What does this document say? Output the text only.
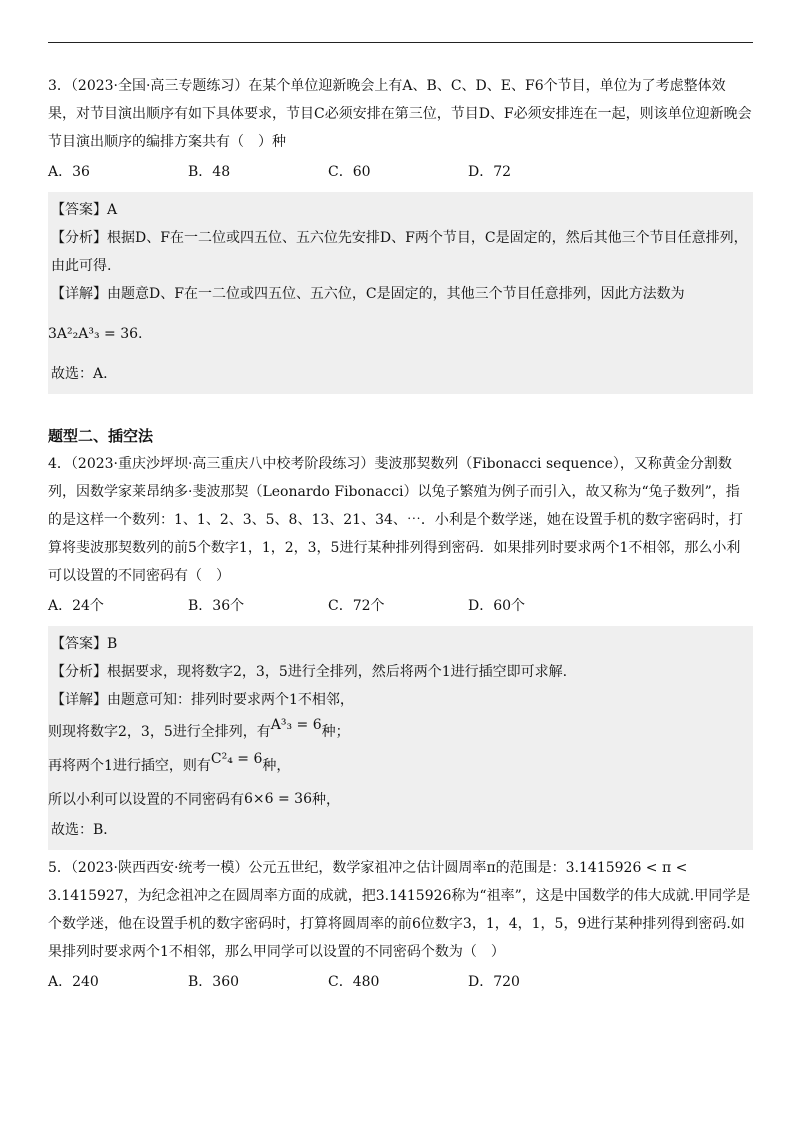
3．（2023·全国·高三专题练习）在某个单位迎新晚会上有A、B、C、D、E、F6个节目，单位为了考虑整体效果，对节目演出顺序有如下具体要求，节目C必须安排在第三位，节目D、F必须安排连在一起，则该单位迎新晚会节目演出顺序的编排方案共有（　）种

A．36	B．48	C．60	D．72

【答案】A

【分析】根据D、F在一二位或四五位、五六位先安排D、F两个节目，C是固定的，然后其他三个节目任意排列，由此可得.

【详解】由题意D、F在一二位或四五位、五六位，C是固定的，其他三个节目任意排列，因此方法数为

3A²₂A³₃ = 36 .

故选：A.

题型二、插空法

4．（2023·重庆沙坪坝·高三重庆八中校考阶段练习）斐波那契数列（Fibonacci sequence），又称黄金分割数列，因数学家莱昂纳多·斐波那契（Leonardo Fibonacci）以兔子繁殖为例子而引入，故又称为“兔子数列”，指的是这样一个数列：1、1、2、3、5、8、13、21、34、⋯．小利是个数学迷，她在设置手机的数字密码时，打算将斐波那契数列的前5个数字1，1，2，3，5进行某种排列得到密码．如果排列时要求两个1不相邻，那么小利可以设置的不同密码有（　）

A．24个	B．36个	C．72个	D．60个

【答案】B

【分析】根据要求，现将数字2，3，5进行全排列，然后将两个1进行插空即可求解.

【详解】由题意可知：排列时要求两个1不相邻，

则现将数字2，3，5进行全排列，有 A³₃ = 6 种；
再将两个1进行插空，则有 C²₄ = 6 种，
所以小利可以设置的不同密码有 6×6 = 36 种，

故选：B．

5．（2023·陕西西安·统考一模）公元五世纪，数学家祖冲之估计圆周率π的范围是：3.1415926 < π < 3.1415927，为纪念祖冲之在圆周率方面的成就，把3.1415926称为“祖率”，这是中国数学的伟大成就.甲同学是个数学迷，他在设置手机的数字密码时，打算将圆周率的前6位数字3，1，4，1，5，9进行某种排列得到密码.如果排列时要求两个1不相邻，那么甲同学可以设置的不同密码个数为（　）

A．240	B．360	C．480	D．720
